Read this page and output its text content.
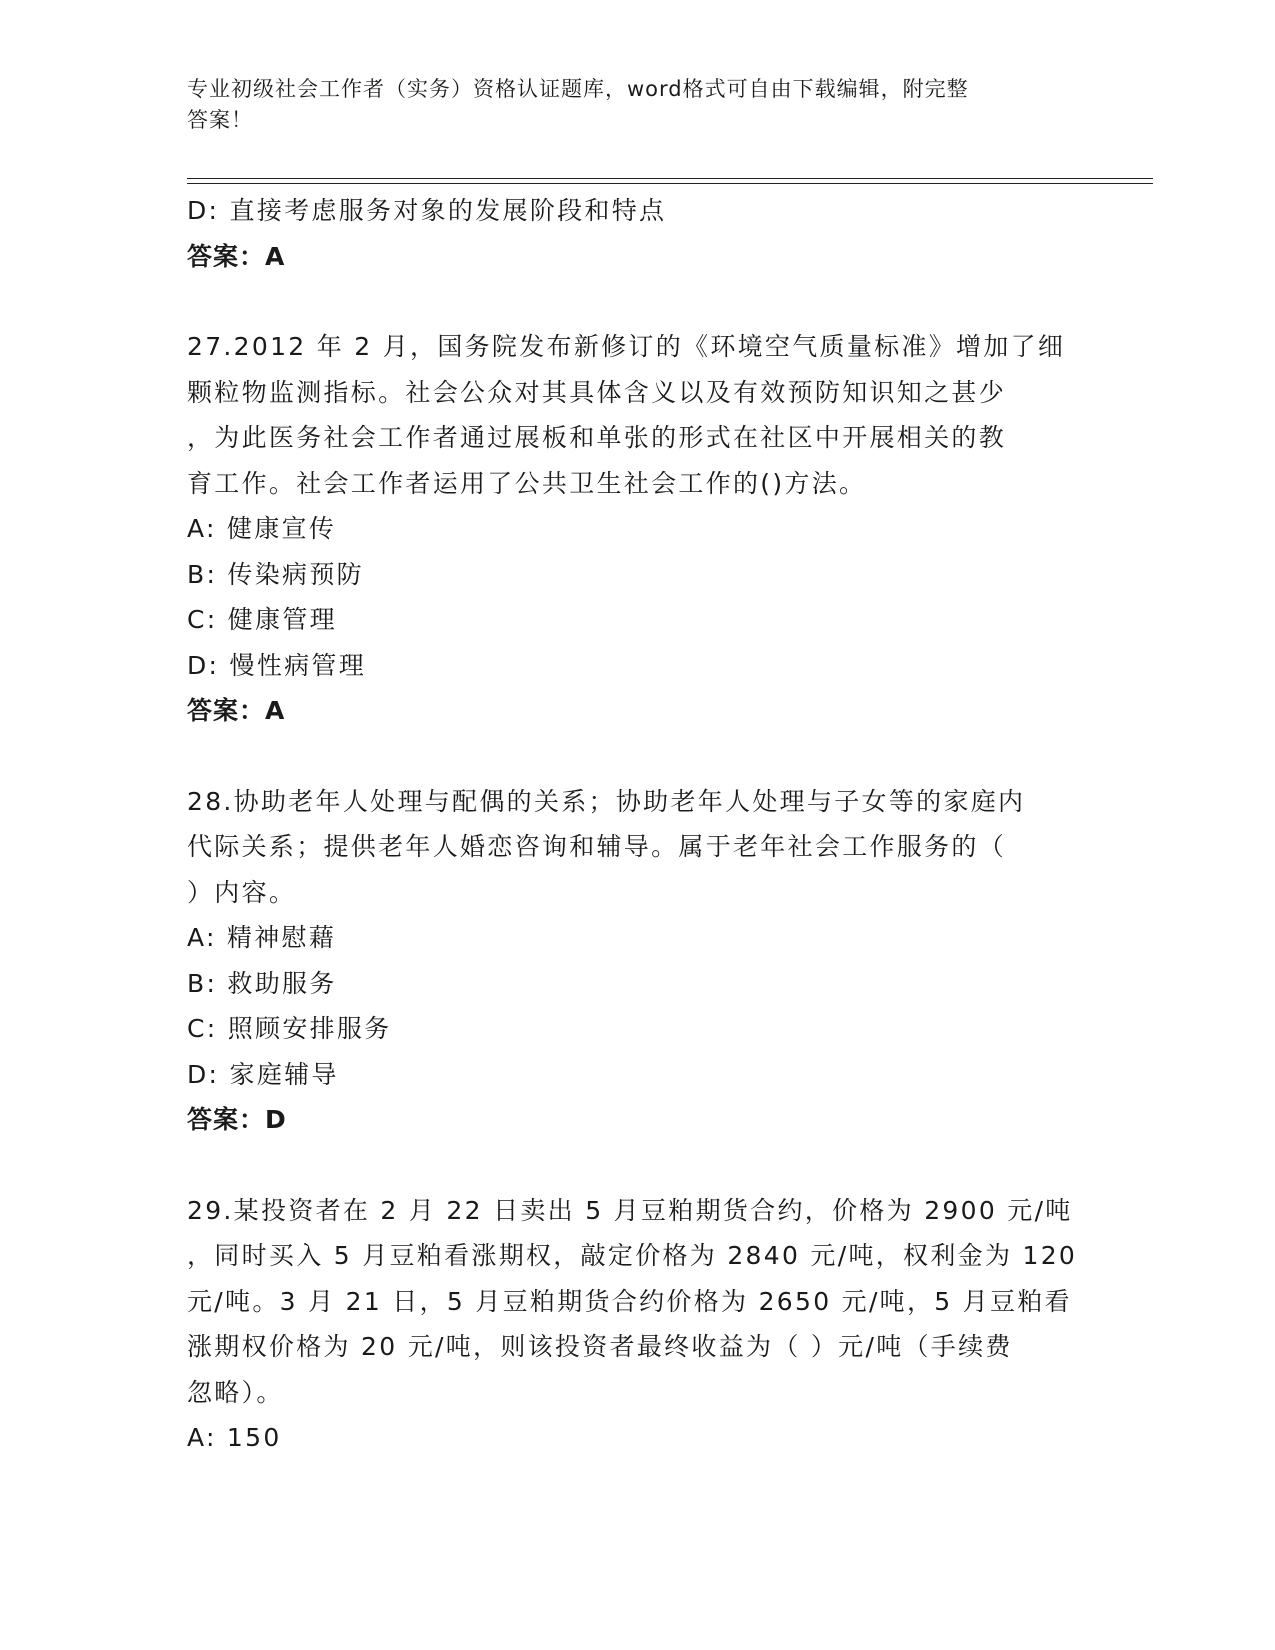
专业初级社会工作者（实务）资格认证题库，word格式可自由下载编辑，附完整
答案！
D: 直接考虑服务对象的发展阶段和特点
答案：A
27.2012 年 2 月，国务院发布新修订的《环境空气质量标准》增加了细
颗粒物监测指标。社会公众对其具体含义以及有效预防知识知之甚少
，为此医务社会工作者通过展板和单张的形式在社区中开展相关的教
育工作。社会工作者运用了公共卫生社会工作的()方法。
A: 健康宣传
B: 传染病预防
C: 健康管理
D: 慢性病管理
答案：A
28.协助老年人处理与配偶的关系；协助老年人处理与子女等的家庭内
代际关系；提供老年人婚恋咨询和辅导。属于老年社会工作服务的（
）内容。
A: 精神慰藉
B: 救助服务
C: 照顾安排服务
D: 家庭辅导
答案：D
29.某投资者在 2 月 22 日卖出 5 月豆粕期货合约，价格为 2900 元/吨
，同时买入 5 月豆粕看涨期权，敲定价格为 2840 元/吨，权利金为 120
元/吨。3 月 21 日，5 月豆粕期货合约价格为 2650 元/吨，5 月豆粕看
涨期权价格为 20 元/吨，则该投资者最终收益为（ ）元/吨（手续费
忽略）。
A: 150
